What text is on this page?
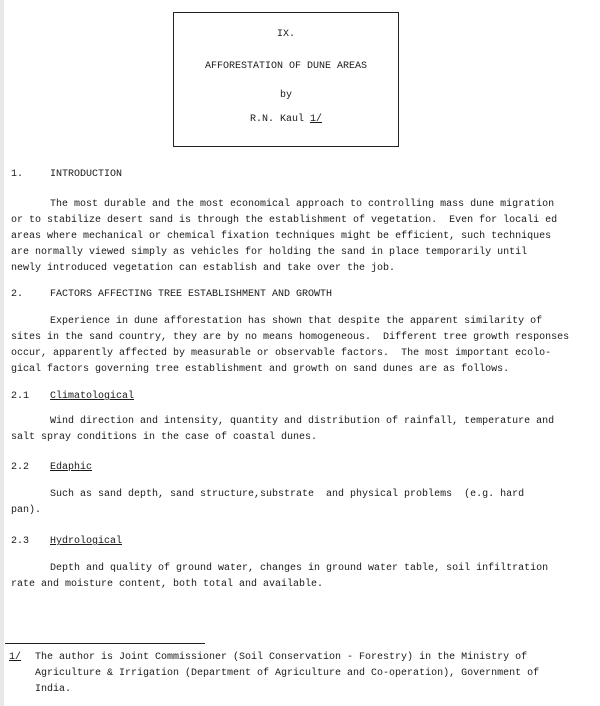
IX.
AFFORESTATION OF DUNE AREAS
by
R.N. Kaul 1/
1.	INTRODUCTION
The most durable and the most economical approach to controlling mass dune migration
or to stabilize desert sand is through the establishment of vegetation.  Even for locali ed
areas where mechanical or chemical fixation techniques might be efficient, such techniques
are normally viewed simply as vehicles for holding the sand in place temporarily until
newly introduced vegetation can establish and take over the job.
2.	FACTORS AFFECTING TREE ESTABLISHMENT AND GROWTH
Experience in dune afforestation has shown that despite the apparent similarity of
sites in the sand country, they are by no means homogeneous.  Different tree growth responses
occur, apparently affected by measurable or observable factors.  The most important ecolo-
gical factors governing tree establishment and growth on sand dunes are as follows.
2.1 Climatological
Wind direction and intensity, quantity and distribution of rainfall, temperature and
salt spray conditions in the case of coastal dunes.
2.2 Edaphic
Such as sand depth, sand structure,substrate  and physical problems  (e.g. hard
pan).
2.3 Hydrological
Depth and quality of ground water, changes in ground water table, soil infiltration
rate and moisture content, both total and available.
1/ The author is Joint Commissioner (Soil Conservation - Forestry) in the Ministry of
Agriculture & Irrigation (Department of Agriculture and Co-operation), Government of
India.
